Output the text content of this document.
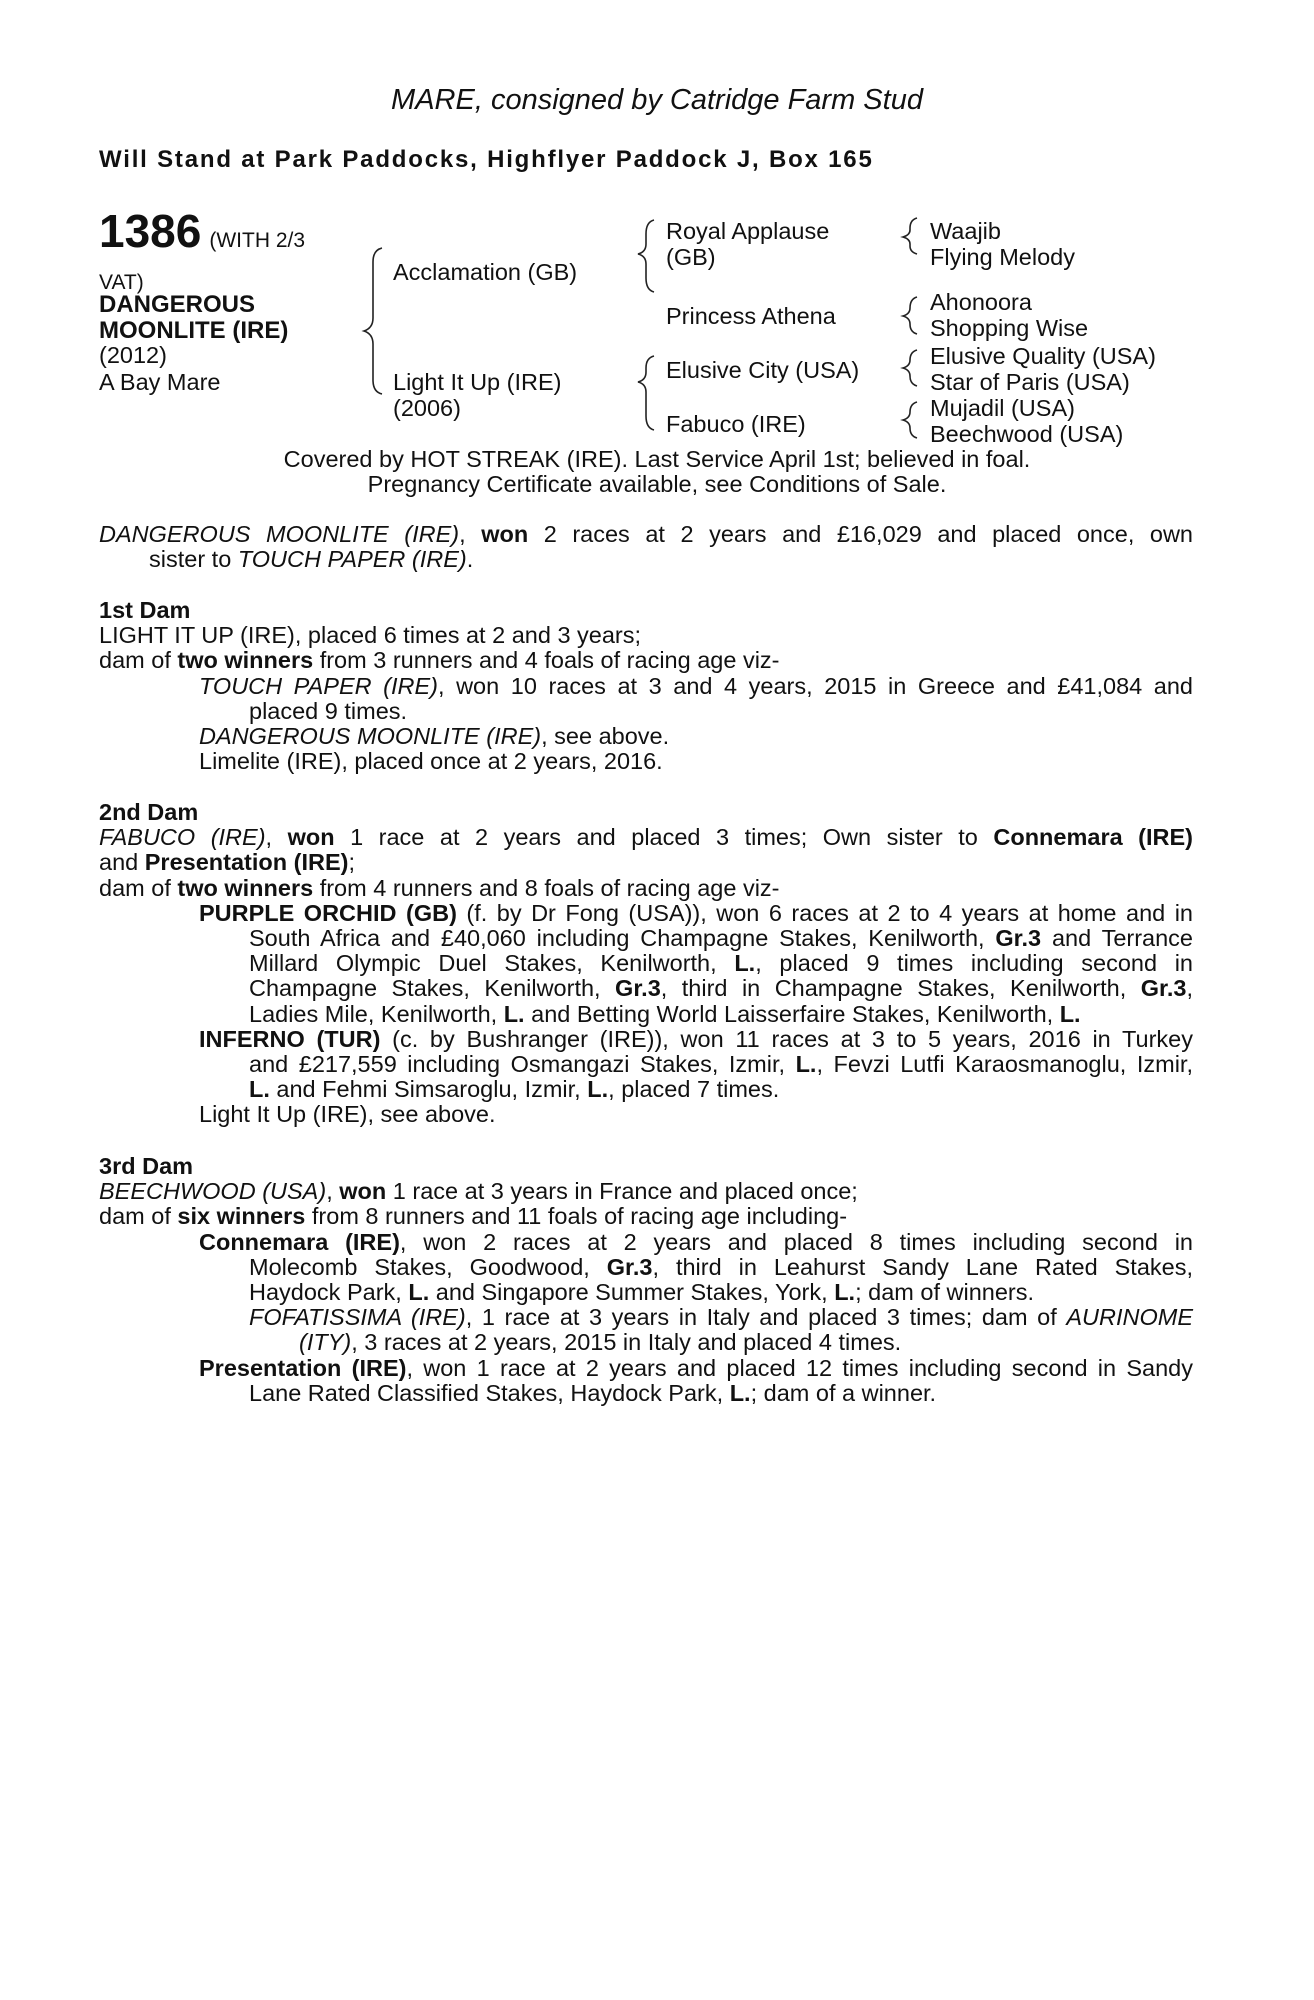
MARE, consigned by Catridge Farm Stud
Will Stand at Park Paddocks, Highflyer Paddock J, Box 165
1386 (WITH 2/3
VAT)
DANGEROUS
MOONLITE (IRE)
(2012)
A Bay Mare
Acclamation (GB)
Light It Up (IRE)
(2006)
Royal Applause
(GB)
Princess Athena
Elusive City (USA)
Fabuco (IRE)
Waajib
Flying Melody
Ahonoora
Shopping Wise
Elusive Quality (USA)
Star of Paris (USA)
Mujadil (USA)
Beechwood (USA)
Covered by HOT STREAK (IRE). Last Service April 1st; believed in foal.
Pregnancy Certificate available, see Conditions of Sale.
DANGEROUS MOONLITE (IRE), won 2 races at 2 years and £16,029 and placed once, own
sister to TOUCH PAPER (IRE).
1st Dam
LIGHT IT UP (IRE), placed 6 times at 2 and 3 years;
dam of two winners from 3 runners and 4 foals of racing age viz-
TOUCH PAPER (IRE), won 10 races at 3 and 4 years, 2015 in Greece and £41,084 and
placed 9 times.
DANGEROUS MOONLITE (IRE), see above.
Limelite (IRE), placed once at 2 years, 2016.
2nd Dam
FABUCO (IRE), won 1 race at 2 years and placed 3 times; Own sister to Connemara (IRE)
and Presentation (IRE);
dam of two winners from 4 runners and 8 foals of racing age viz-
PURPLE ORCHID (GB) (f. by Dr Fong (USA)), won 6 races at 2 to 4 years at home and in
South Africa and £40,060 including Champagne Stakes, Kenilworth, Gr.3 and Terrance
Millard Olympic Duel Stakes, Kenilworth, L., placed 9 times including second in
Champagne Stakes, Kenilworth, Gr.3, third in Champagne Stakes, Kenilworth, Gr.3,
Ladies Mile, Kenilworth, L. and Betting World Laisserfaire Stakes, Kenilworth, L.
INFERNO (TUR) (c. by Bushranger (IRE)), won 11 races at 3 to 5 years, 2016 in Turkey
and £217,559 including Osmangazi Stakes, Izmir, L., Fevzi Lutfi Karaosmanoglu, Izmir,
L. and Fehmi Simsaroglu, Izmir, L., placed 7 times.
Light It Up (IRE), see above.
3rd Dam
BEECHWOOD (USA), won 1 race at 3 years in France and placed once;
dam of six winners from 8 runners and 11 foals of racing age including-
Connemara (IRE), won 2 races at 2 years and placed 8 times including second in
Molecomb Stakes, Goodwood, Gr.3, third in Leahurst Sandy Lane Rated Stakes,
Haydock Park, L. and Singapore Summer Stakes, York, L.; dam of winners.
FOFATISSIMA (IRE), 1 race at 3 years in Italy and placed 3 times; dam of AURINOME
(ITY), 3 races at 2 years, 2015 in Italy and placed 4 times.
Presentation (IRE), won 1 race at 2 years and placed 12 times including second in Sandy
Lane Rated Classified Stakes, Haydock Park, L.; dam of a winner.
